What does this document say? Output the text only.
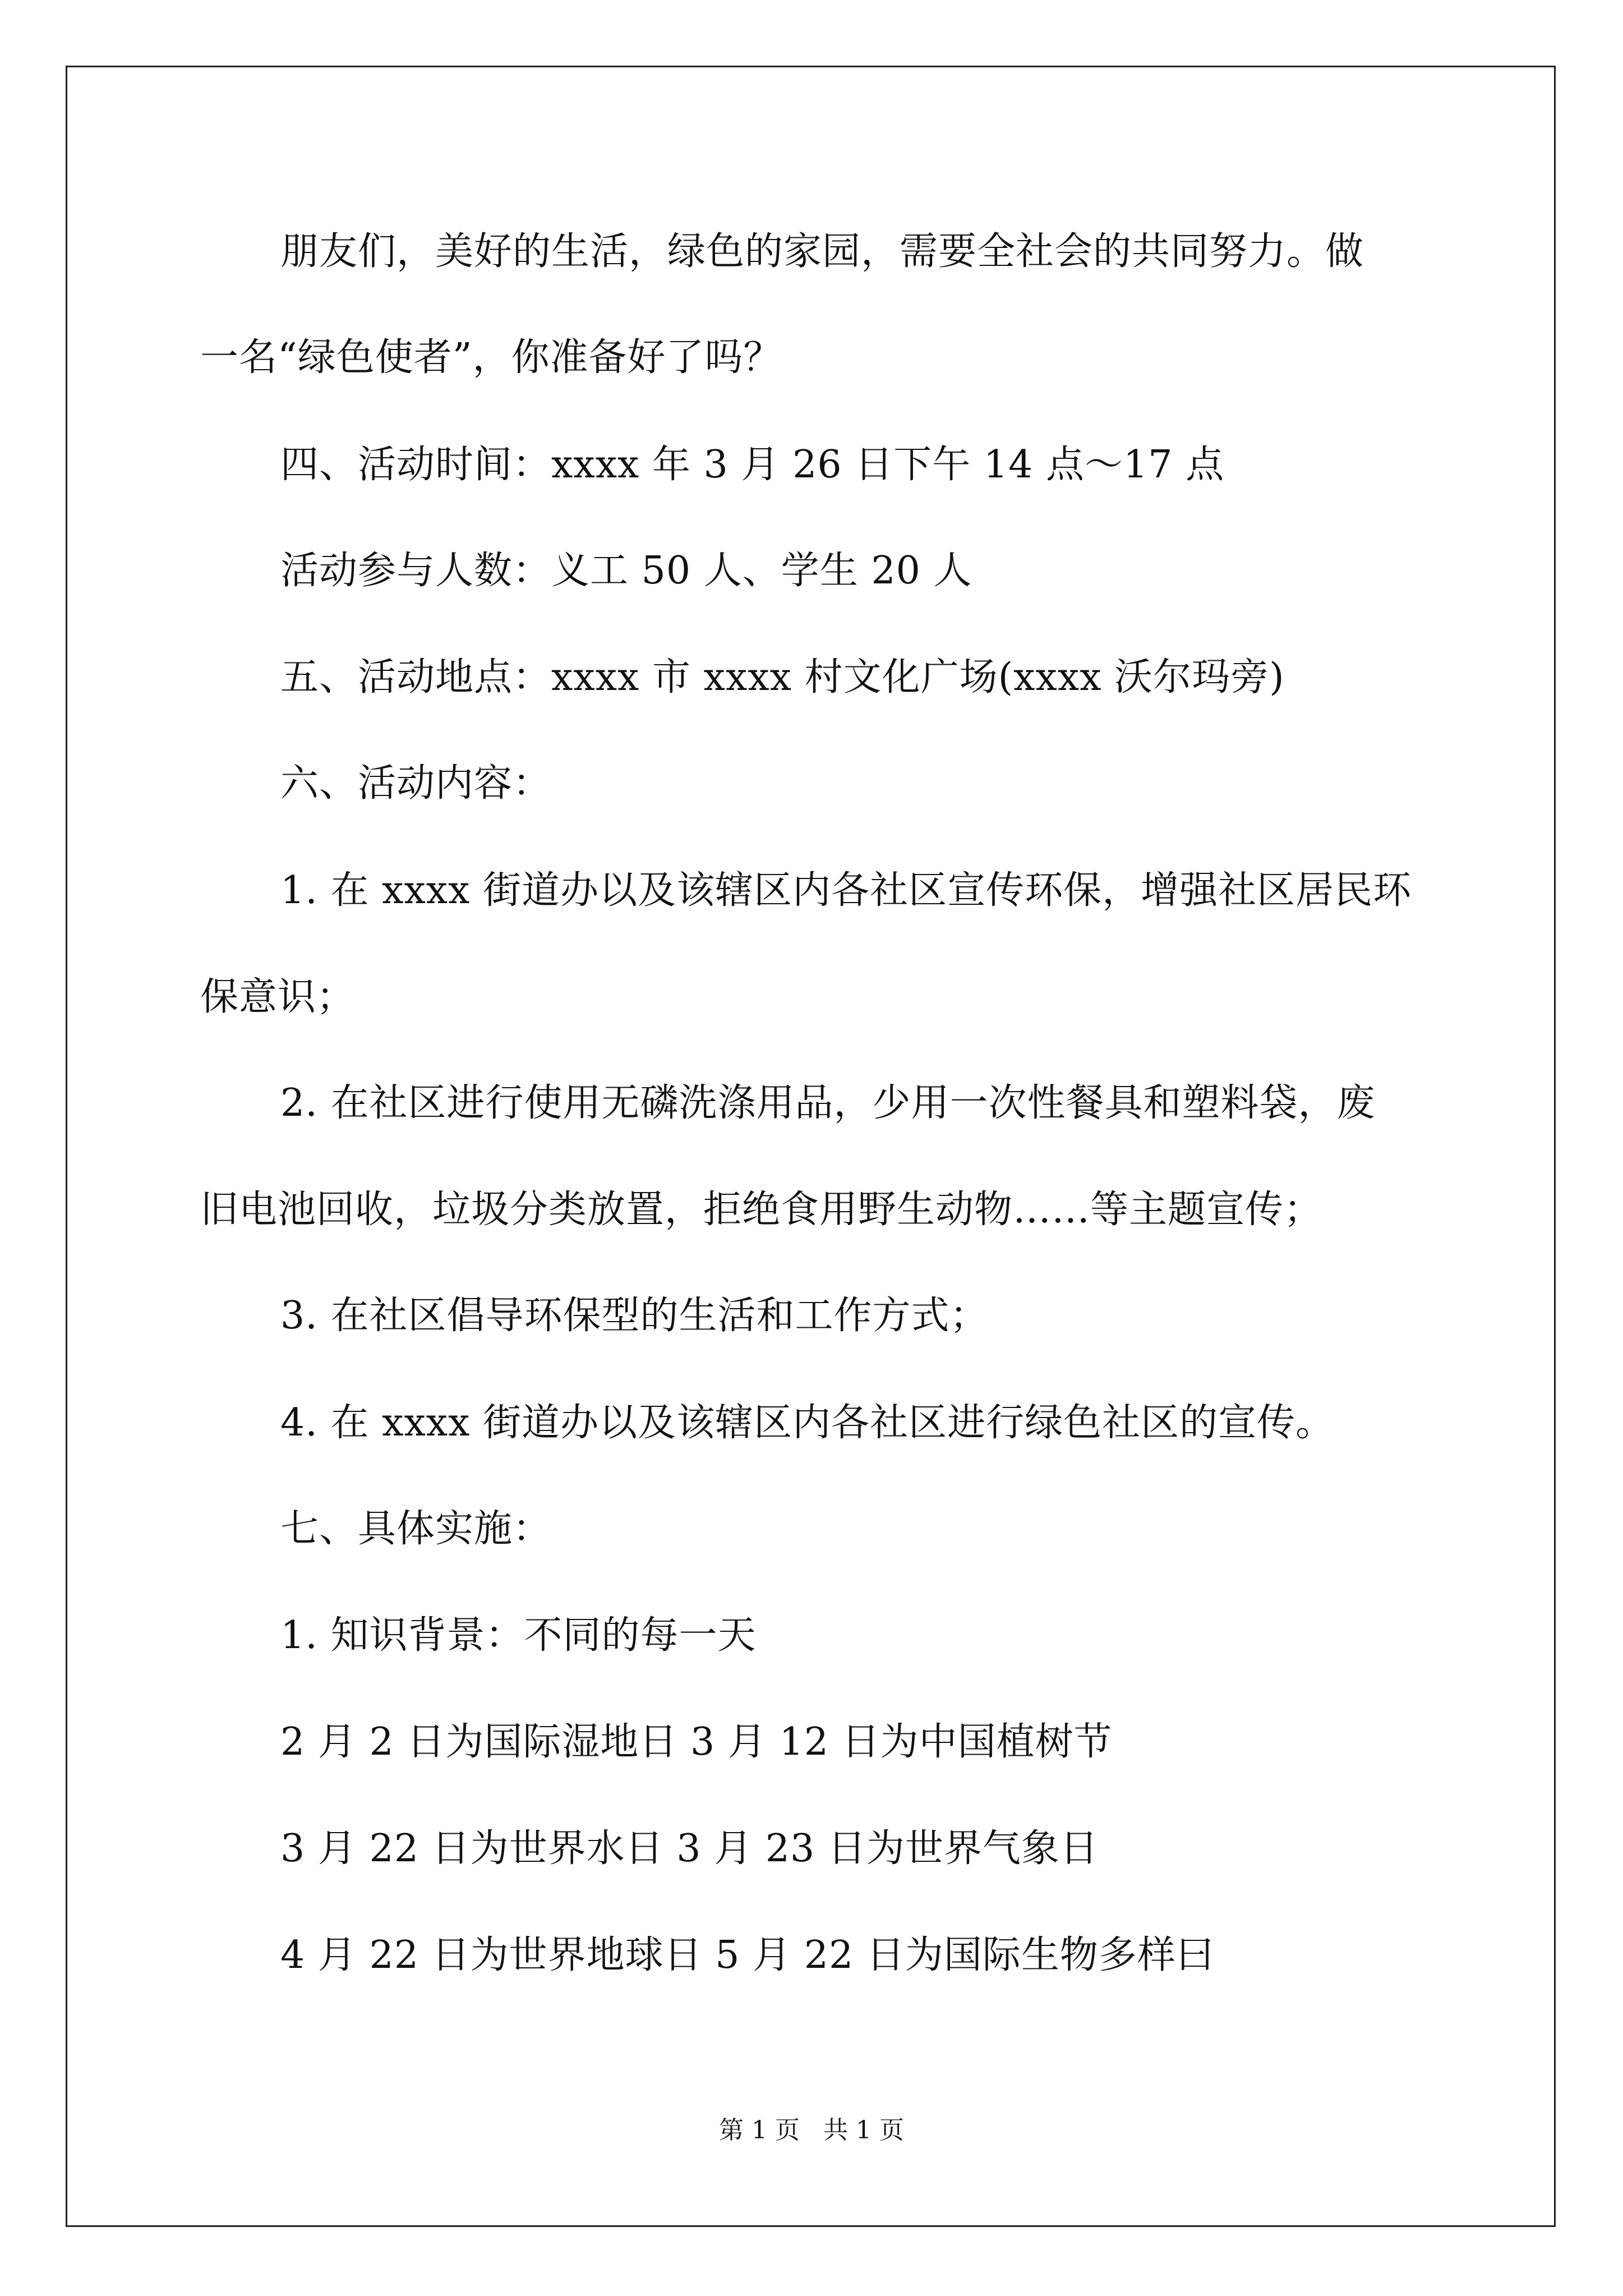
朋友们，美好的生活，绿色的家园，需要全社会的共同努力。做
一名“绿色使者”，你准备好了吗？
四、活动时间：xxxx 年 3 月 26 日下午 14 点～17 点
活动参与人数：义工 50 人、学生 20 人
五、活动地点：xxxx 市 xxxx 村文化广场(xxxx 沃尔玛旁)
六、活动内容：
1. 在 xxxx 街道办以及该辖区内各社区宣传环保，增强社区居民环
保意识；
2. 在社区进行使用无磷洗涤用品，少用一次性餐具和塑料袋，废
旧电池回收，垃圾分类放置，拒绝食用野生动物……等主题宣传；
3. 在社区倡导环保型的生活和工作方式；
4. 在 xxxx 街道办以及该辖区内各社区进行绿色社区的宣传。
七、具体实施：
1. 知识背景：不同的每一天
2 月 2 日为国际湿地日 3 月 12 日为中国植树节
3 月 22 日为世界水日 3 月 23 日为世界气象日
4 月 22 日为世界地球日 5 月 22 日为国际生物多样曰
第 1 页   共 1 页
